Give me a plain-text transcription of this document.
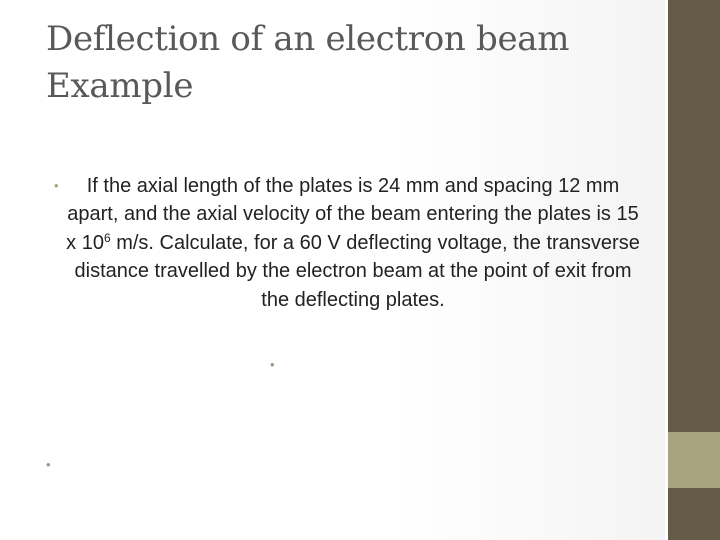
Deflection of an electron beam
Example
•	If the axial length of the plates is 24 mm and spacing 12 mm apart, and the axial velocity of the beam entering the plates is 15 x $10^6$ m/s. Calculate, for a 60 V deflecting voltage, the transverse distance travelled by the electron beam at the point of exit from the deflecting plates.

•
•
